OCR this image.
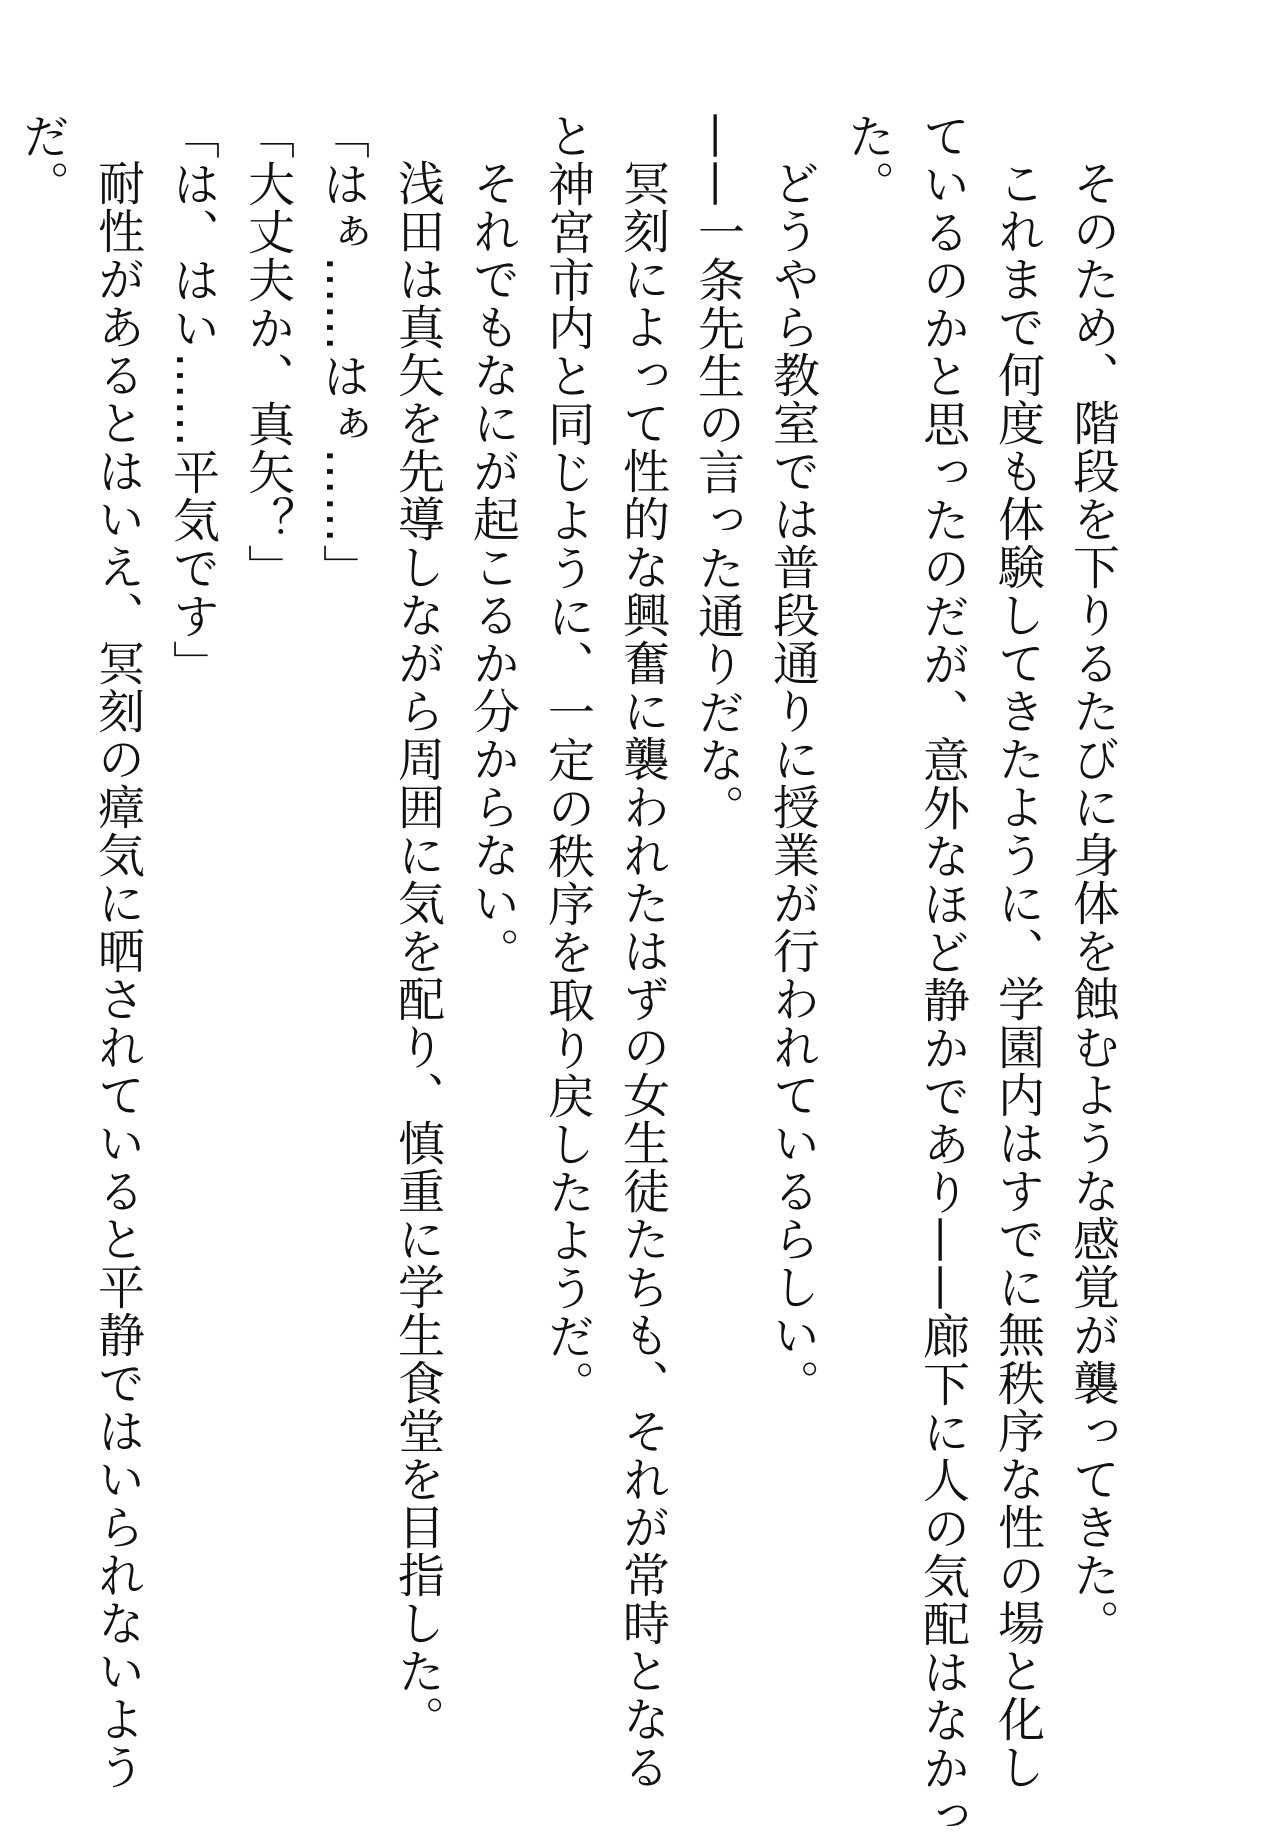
そのため、階段を下りるたびに身体を蝕むような感覚が襲ってきた。
これまで何度も体験してきたように、学園内はすでに無秩序な性の場と化し
ているのかと思ったのだが、意外なほど静かであり——廊下に人の気配はなかっ
た。
どうやら教室では普段通りに授業が行われているらしい。
——一条先生の言った通りだな。
冥刻によって性的な興奮に襲われたはずの女生徒たちも、それが常時となる
と神宮市内と同じように、一定の秩序を取り戻したようだ。
それでもなにが起こるか分からない。
浅田は真矢を先導しながら周囲に気を配り、慎重に学生食堂を目指した。
「はぁ……はぁ……」
「大丈夫か、真矢？」
「は、はい……平気です」
耐性があるとはいえ、冥刻の瘴気に晒されていると平静ではいられないよう
だ。
